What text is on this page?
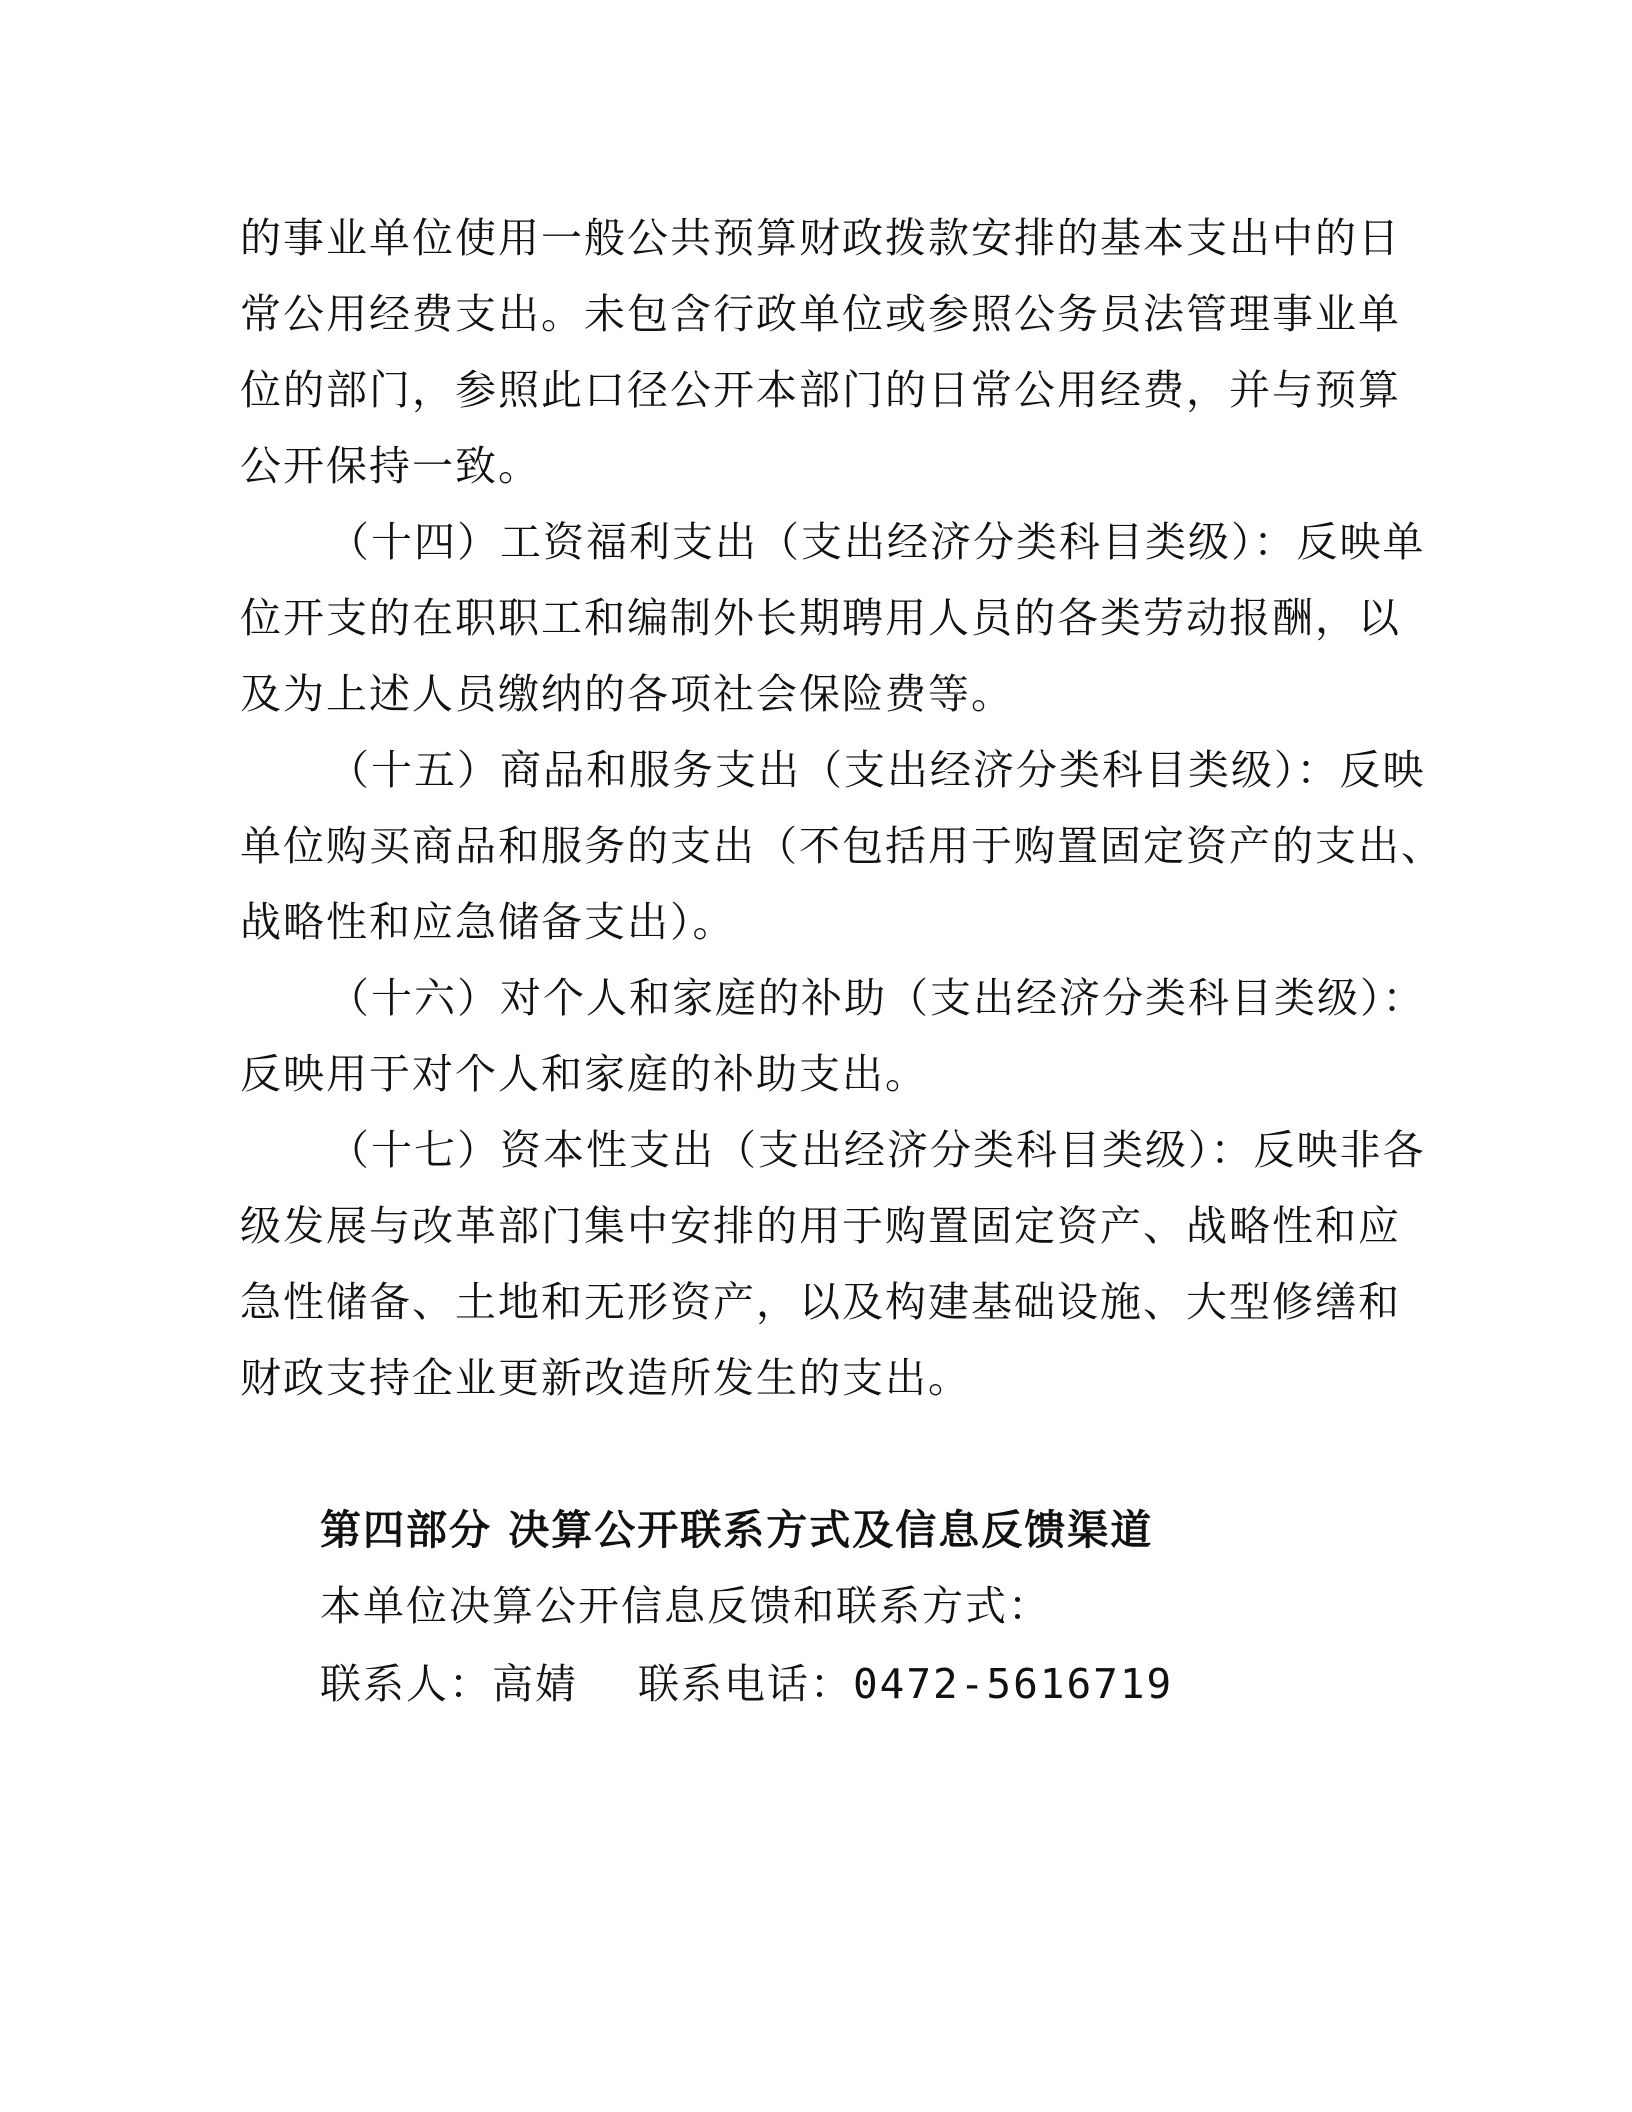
的事业单位使用一般公共预算财政拨款安排的基本支出中的日
常公用经费支出。未包含行政单位或参照公务员法管理事业单
位的部门，参照此口径公开本部门的日常公用经费，并与预算
公开保持一致。
（十四）工资福利支出（支出经济分类科目类级）：反映单
位开支的在职职工和编制外长期聘用人员的各类劳动报酬，以
及为上述人员缴纳的各项社会保险费等。
（十五）商品和服务支出（支出经济分类科目类级）：反映
单位购买商品和服务的支出（不包括用于购置固定资产的支出、
战略性和应急储备支出）。
（十六）对个人和家庭的补助（支出经济分类科目类级）：
反映用于对个人和家庭的补助支出。
（十七）资本性支出（支出经济分类科目类级）：反映非各
级发展与改革部门集中安排的用于购置固定资产、战略性和应
急性储备、土地和无形资产，以及构建基础设施、大型修缮和
财政支持企业更新改造所发生的支出。
第四部分 决算公开联系方式及信息反馈渠道
本单位决算公开信息反馈和联系方式：
联系人：高婧 联系电话：0472-5616719
